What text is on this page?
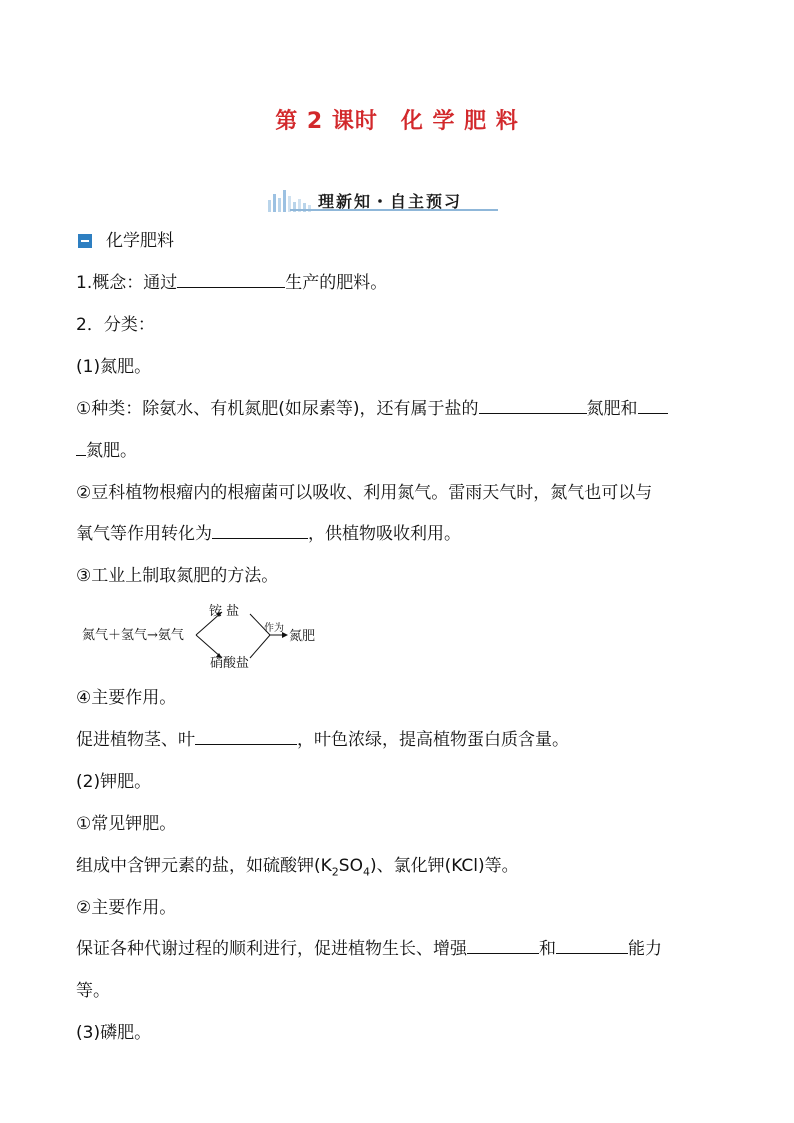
第 2 课时　化 学 肥 料
理新知・自主预习
化学肥料
1.概念：通过	生产的肥料。
2．分类：
(1)氮肥。
①种类：除氨水、有机氮肥(如尿素等)，还有属于盐的	氮肥和
氮肥。
②豆科植物根瘤内的根瘤菌可以吸收、利用氮气。雷雨天气时，氮气也可以与
氧气等作用转化为	，供植物吸收利用。
③工业上制取氮肥的方法。
氮气＋氢气→氨气
铵 盐
硝酸盐
作为
氮肥
④主要作用。
促进植物茎、叶	，叶色浓绿，提高植物蛋白质含量。
(2)钾肥。
①常见钾肥。
组成中含钾元素的盐，如硫酸钾$(K_2SO_4)$、氯化钾(KCl)等。
②主要作用。
保证各种代谢过程的顺利进行，促进植物生长、增强	和	能力
等。
(3)磷肥。
